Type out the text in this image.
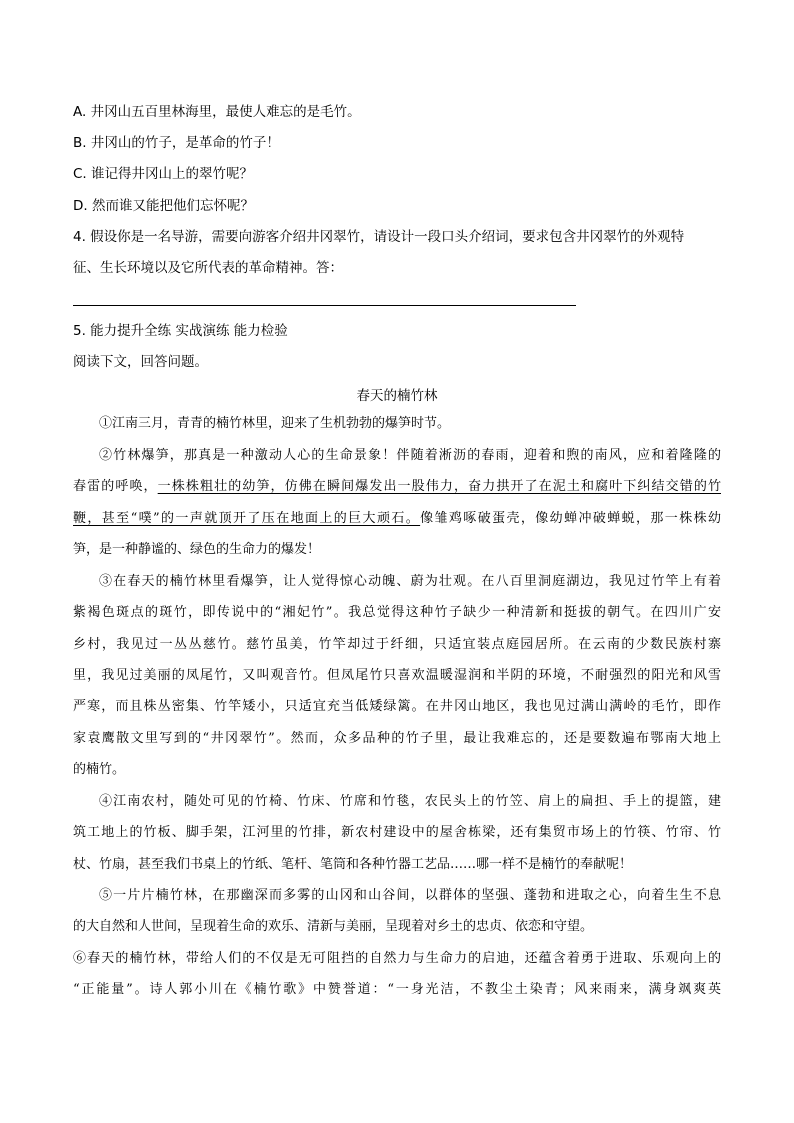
A. 井冈山五百里林海里，最使人难忘的是毛竹。
B. 井冈山的竹子，是革命的竹子！
C. 谁记得井冈山上的翠竹呢？
D. 然而谁又能把他们忘怀呢？
4. 假设你是一名导游，需要向游客介绍井冈翠竹，请设计一段口头介绍词，要求包含井冈翠竹的外观特
征、生长环境以及它所代表的革命精神。答：
5. 能力提升全练 实战演练 能力检验
阅读下文，回答问题。
春天的楠竹林
①江南三月，青青的楠竹林里，迎来了生机勃勃的爆笋时节。
②竹林爆笋，那真是一种激动人心的生命景象！伴随着淅沥的春雨，迎着和煦的南风，应和着隆隆的
春雷的呼唤，一株株粗壮的幼笋，仿佛在瞬间爆发出一股伟力，奋力拱开了在泥土和腐叶下纠结交错的竹
鞭，甚至“噗”的一声就顶开了压在地面上的巨大顽石。像雏鸡啄破蛋壳，像幼蝉冲破蝉蜕，那一株株幼
笋，是一种静谧的、绿色的生命力的爆发！
③在春天的楠竹林里看爆笋，让人觉得惊心动魄、蔚为壮观。在八百里洞庭湖边，我见过竹竿上有着
紫褐色斑点的斑竹，即传说中的“湘妃竹”。我总觉得这种竹子缺少一种清新和挺拔的朝气。在四川广安
乡村，我见过一丛丛慈竹。慈竹虽美，竹竿却过于纤细，只适宜装点庭园居所。在云南的少数民族村寨
里，我见过美丽的凤尾竹，又叫观音竹。但凤尾竹只喜欢温暖湿润和半阴的环境，不耐强烈的阳光和风雪
严寒，而且株丛密集、竹竿矮小，只适宜充当低矮绿篱。在井冈山地区，我也见过满山满岭的毛竹，即作
家袁鹰散文里写到的“井冈翠竹”。然而，众多品种的竹子里，最让我难忘的，还是要数遍布鄂南大地上
的楠竹。
④江南农村，随处可见的竹椅、竹床、竹席和竹毯，农民头上的竹笠、肩上的扁担、手上的提篮，建
筑工地上的竹板、脚手架，江河里的竹排，新农村建设中的屋舍栋梁，还有集贸市场上的竹筷、竹帘、竹
杖、竹扇，甚至我们书桌上的竹纸、笔杆、笔筒和各种竹器工艺品……哪一样不是楠竹的奉献呢！
⑤一片片楠竹林，在那幽深而多雾的山冈和山谷间，以群体的坚强、蓬勃和进取之心，向着生生不息
的大自然和人世间，呈现着生命的欢乐、清新与美丽，呈现着对乡土的忠贞、依恋和守望。
⑥春天的楠竹林，带给人们的不仅是无可阻挡的自然力与生命力的启迪，还蕴含着勇于进取、乐观向上的
“正能量”。诗人郭小川在《楠竹歌》中赞誉道：“一身光洁，不教尘土染青；风来雨来，满身飒爽英
